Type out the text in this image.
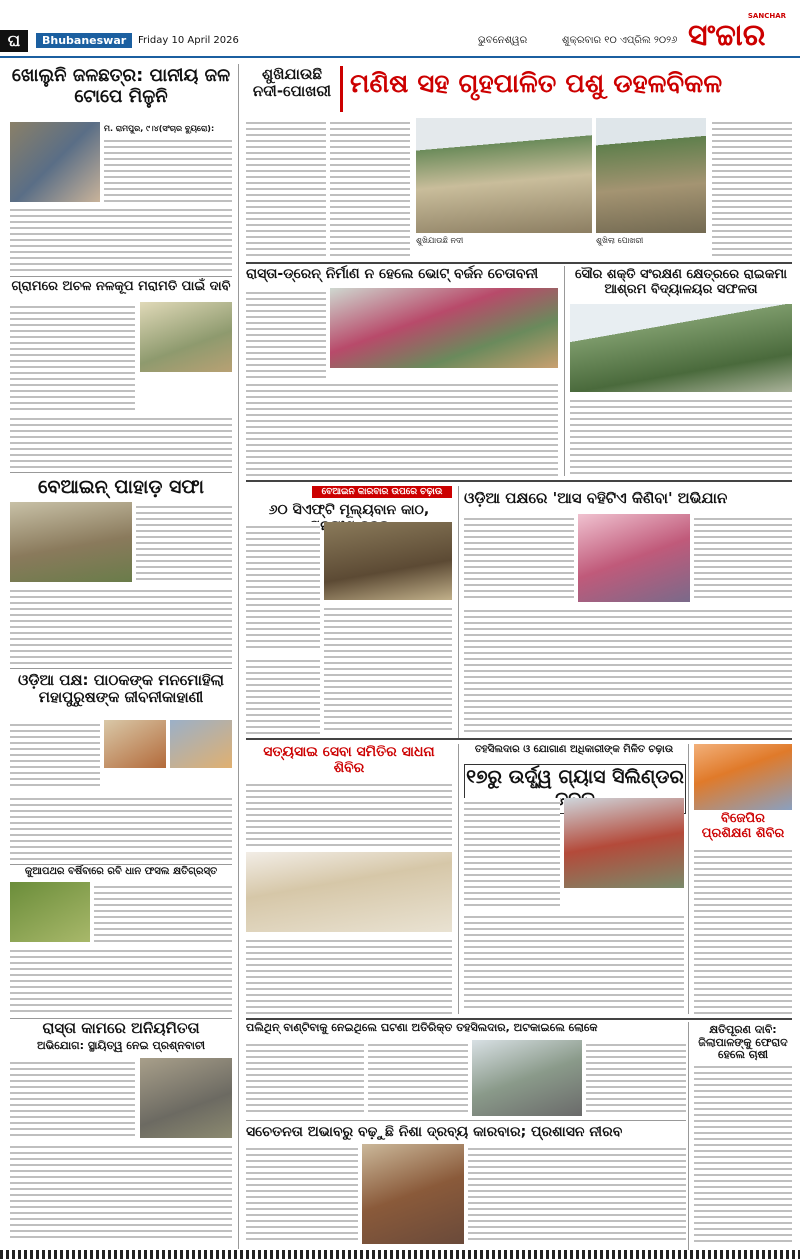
ଘ	Bhubaneswar	Friday 10 April 2026	ଭୁବନେଶ୍ୱର	ଶୁକ୍ରବାର ୧୦ ଏପ୍ରିଲ ୨୦୨୬
SANCHAR
ସଂଚ୍ଚାର
ଖୋଲୁନି ଜଳଛତ୍ର: ପାନୀୟ ଜଳ ଟୋପେ ମିଳୁନି
ମ. ରାମପୁର, ୯।୪(ସଂଚାର ବ୍ୟୁରୋ):
ଗ୍ରାମରେ ଅଚଳ ନଳକୂପ ମରାମତି ପାଇଁ ଦାବି
ବେଆଇନ୍ ପାହାଡ଼ ସଫା
ଓଡ଼ିଆ ପକ୍ଷ: ପାଠକଙ୍କ ମନମୋହିଲା ମହାପୁରୁଷଙ୍କ ଜୀବନୀକାହାଣୀ
କୁଆପଥର ବର୍ଷିବାରେ ରବି ଧାନ ଫସଲ କ୍ଷତିଗ୍ରସ୍ତ
ରାସ୍ତା କାମରେ ଅନିୟମିତତା
ଅଭିଯୋଗ: ସ୍ଥାୟିତ୍ୱ ନେଇ ପ୍ରଶ୍ନବାଚୀ
ଶୁଖିଯାଉଛି ନଦୀ-ପୋଖରୀ ମଣିଷ ସହ ଗୃହପାଳିତ ପଶୁ ଡହଳବିକଳ
ଶୁଖିଯାଉଛି ନଦୀ	ଶୁଖିଲା ପୋଖରୀ
ରାସ୍ତା-ଡ୍ରେନ୍ ନିର୍ମାଣ ନ ହେଲେ ଭୋଟ୍ ବର୍ଜନ ଚେତାବନୀ	ସୌର ଶକ୍ତି ସଂରକ୍ଷଣ କ୍ଷେତ୍ରରେ ରାଇକମା ଆଶ୍ରମ ବିଦ୍ୟାଳୟର ସଫଳତା
ବେଆଇନ କାରବାର ଉପରେ ଚଢ଼ାଉ
୬୦ ସିଏଫ୍ଟି ମୂଲ୍ୟବାନ କାଠ,
ଓଡ଼ିଆ ପକ୍ଷରେ 'ଆସ ବହିଟିଏ କିଣିବା' ଅଭିଯାନ
ସତ୍ୟସାଇ ସେବା ସମିତିର ସାଧନା ଶିବିର
ତହସିଲଦାର ଓ ଯୋଗାଣ ଅଧିକାରୀଙ୍କ ମିଳିତ ଚଢ଼ାଉ
୧୭ରୁ ଉର୍ଦ୍ଧ୍ୱ ଗ୍ୟାସ ସିଲିଣ୍ଡର
ବିଜେପିର ପ୍ରଶିକ୍ଷଣ ଶିବିର
ପଲିଥିନ୍ ବାଣ୍ଟିବାକୁ ନେଇଥିଲେ ଘଟଣା ଅତିରିକ୍ତ ତହସିଲଦାର, ଅଟକାଇଲେ ଲୋକେ	କ୍ଷତିପୂରଣ ଦାବି: ଜିଲାପାଳଙ୍କୁ ଫେରାଦ ହେଲେ ଚାଷୀ
ସଚେତନତା ଅଭାବରୁ ବଢ଼ୁଛି ନିଶା ଦ୍ରବ୍ୟ କାରବାର; ପ୍ରଶାସନ ନୀରବ
